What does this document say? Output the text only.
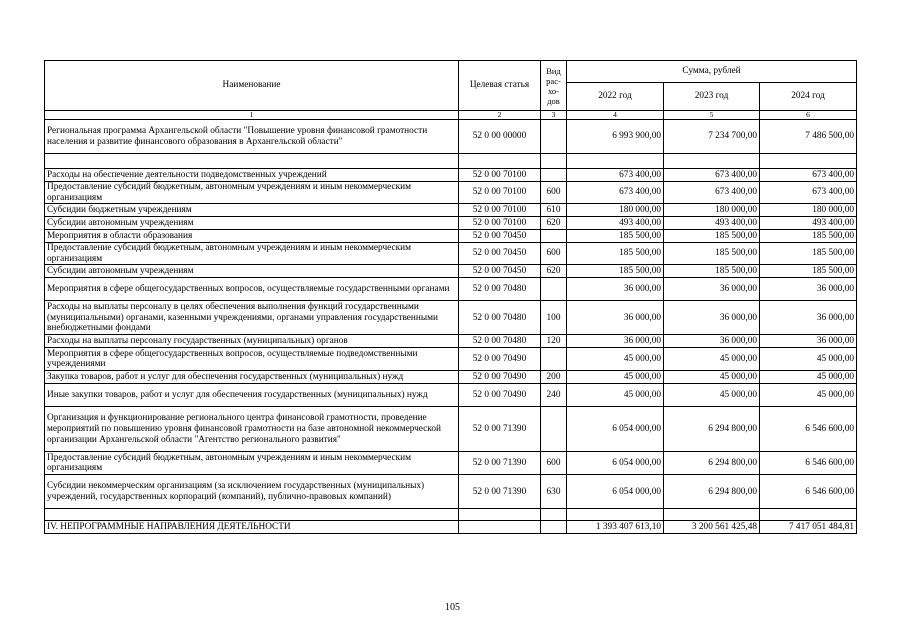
Наименование	Целевая статья	Вид рас-хо-дов	Сумма, рублей		
			2022 год	2023 год	2024 год
1	2	3	4	5	6
Региональная программа Архангельской области "Повышение уровня финансовой грамотности населения и развитие финансового образования в Архангельской области"	52 0 00 00000		6 993 900,00	7 234 700,00	7 486 500,00

Расходы на обеспечение деятельности подведомственных учреждений	52 0 00 70100		673 400,00	673 400,00	673 400,00
Предоставление субсидий бюджетным, автономным учреждениям и иным некоммерческим организациям	52 0 00 70100	600	673 400,00	673 400,00	673 400,00
Субсидии бюджетным учреждениям	52 0 00 70100	610	180 000,00	180 000,00	180 000,00
Субсидии автономным учреждениям	52 0 00 70100	620	493 400,00	493 400,00	493 400,00
Мероприятия в области образования	52 0 00 70450		185 500,00	185 500,00	185 500,00
Предоставление субсидий бюджетным, автономным учреждениям и иным некоммерческим организациям	52 0 00 70450	600	185 500,00	185 500,00	185 500,00
Субсидии автономным учреждениям	52 0 00 70450	620	185 500,00	185 500,00	185 500,00
Мероприятия в сфере общегосударственных вопросов, осуществляемые государственными органами	52 0 00 70480		36 000,00	36 000,00	36 000,00
Расходы на выплаты персоналу в целях обеспечения выполнения функций государственными (муниципальными) органами, казенными учреждениями, органами управления государственными внебюджетными фондами	52 0 00 70480	100	36 000,00	36 000,00	36 000,00
Расходы на выплаты персоналу государственных (муниципальных) органов	52 0 00 70480	120	36 000,00	36 000,00	36 000,00
Мероприятия в сфере общегосударственных вопросов, осуществляемые подведомственными учреждениями	52 0 00 70490		45 000,00	45 000,00	45 000,00
Закупка товаров, работ и услуг для обеспечения государственных (муниципальных) нужд	52 0 00 70490	200	45 000,00	45 000,00	45 000,00
Иные закупки товаров, работ и услуг для обеспечения государственных (муниципальных) нужд	52 0 00 70490	240	45 000,00	45 000,00	45 000,00
Организация и функционирование регионального центра финансовой грамотности, проведение мероприятий по повышению уровня финансовой грамотности на базе автономной некоммерческой организации Архангельской области "Агентство регионального развития"	52 0 00 71390		6 054 000,00	6 294 800,00	6 546 600,00
Предоставление субсидий бюджетным, автономным учреждениям и иным некоммерческим организациям	52 0 00 71390	600	6 054 000,00	6 294 800,00	6 546 600,00
Субсидии некоммерческим организациям (за исключением государственных (муниципальных) учреждений, государственных корпораций (компаний), публично-правовых компаний)	52 0 00 71390	630	6 054 000,00	6 294 800,00	6 546 600,00

IV. НЕПРОГРАММНЫЕ НАПРАВЛЕНИЯ ДЕЯТЕЛЬНОСТИ			1 393 407 613,10	3 200 561 425,48	7 417 051 484,81
105
